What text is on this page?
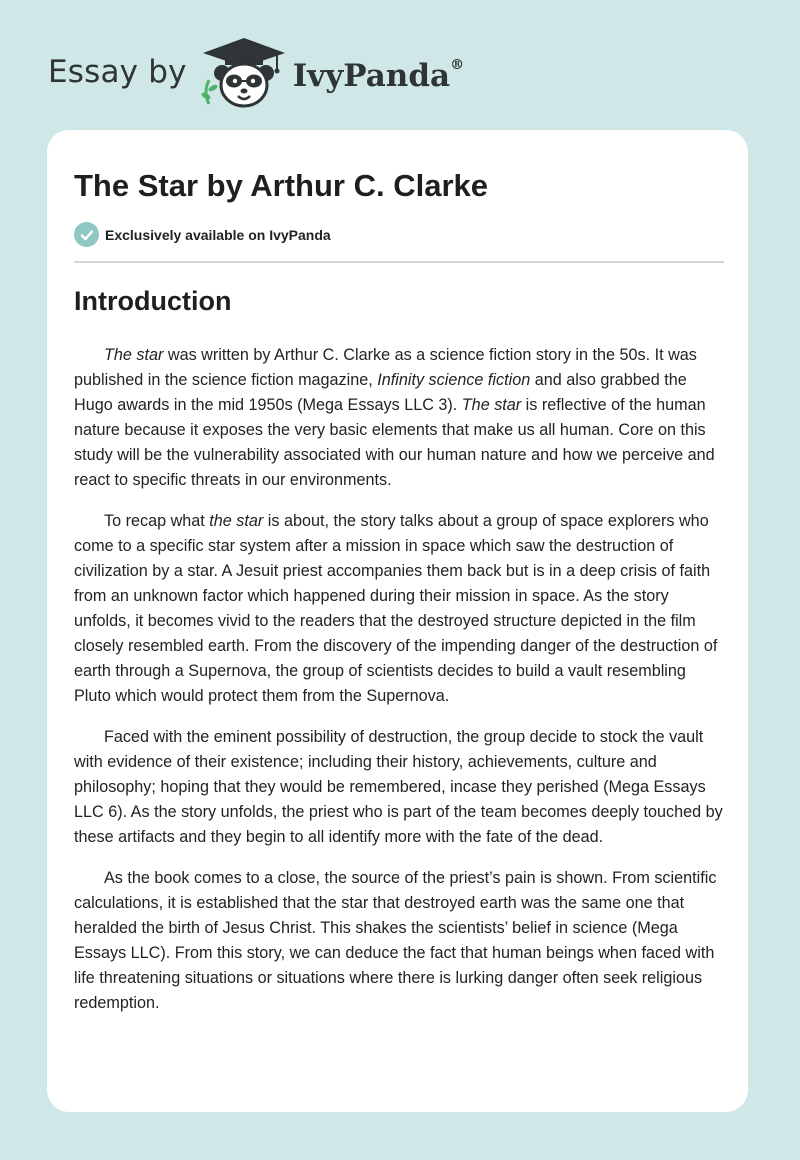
Essay by	IvyPanda®
The Star by Arthur C. Clarke
Exclusively available on IvyPanda
Introduction

The star was written by Arthur C. Clarke as a science fiction story in the 50s. It was published in the science fiction magazine, Infinity science fiction and also grabbed the Hugo awards in the mid 1950s (Mega Essays LLC 3). The star is reflective of the human nature because it exposes the very basic elements that make us all human. Core on this study will be the vulnerability associated with our human nature and how we perceive and react to specific threats in our environments.

To recap what the star is about, the story talks about a group of space explorers who come to a specific star system after a mission in space which saw the destruction of civilization by a star. A Jesuit priest accompanies them back but is in a deep crisis of faith from an unknown factor which happened during their mission in space. As the story unfolds, it becomes vivid to the readers that the destroyed structure depicted in the film closely resembled earth. From the discovery of the impending danger of the destruction of earth through a Supernova, the group of scientists decides to build a vault resembling Pluto which would protect them from the Supernova.

Faced with the eminent possibility of destruction, the group decide to stock the vault with evidence of their existence; including their history, achievements, culture and philosophy; hoping that they would be remembered, incase they perished (Mega Essays LLC 6). As the story unfolds, the priest who is part of the team becomes deeply touched by these artifacts and they begin to all identify more with the fate of the dead.

As the book comes to a close, the source of the priest’s pain is shown. From scientific calculations, it is established that the star that destroyed earth was the same one that heralded the birth of Jesus Christ. This shakes the scientists’ belief in science (Mega Essays LLC). From this story, we can deduce the fact that human beings when faced with life threatening situations or situations where there is lurking danger often seek religious redemption.
